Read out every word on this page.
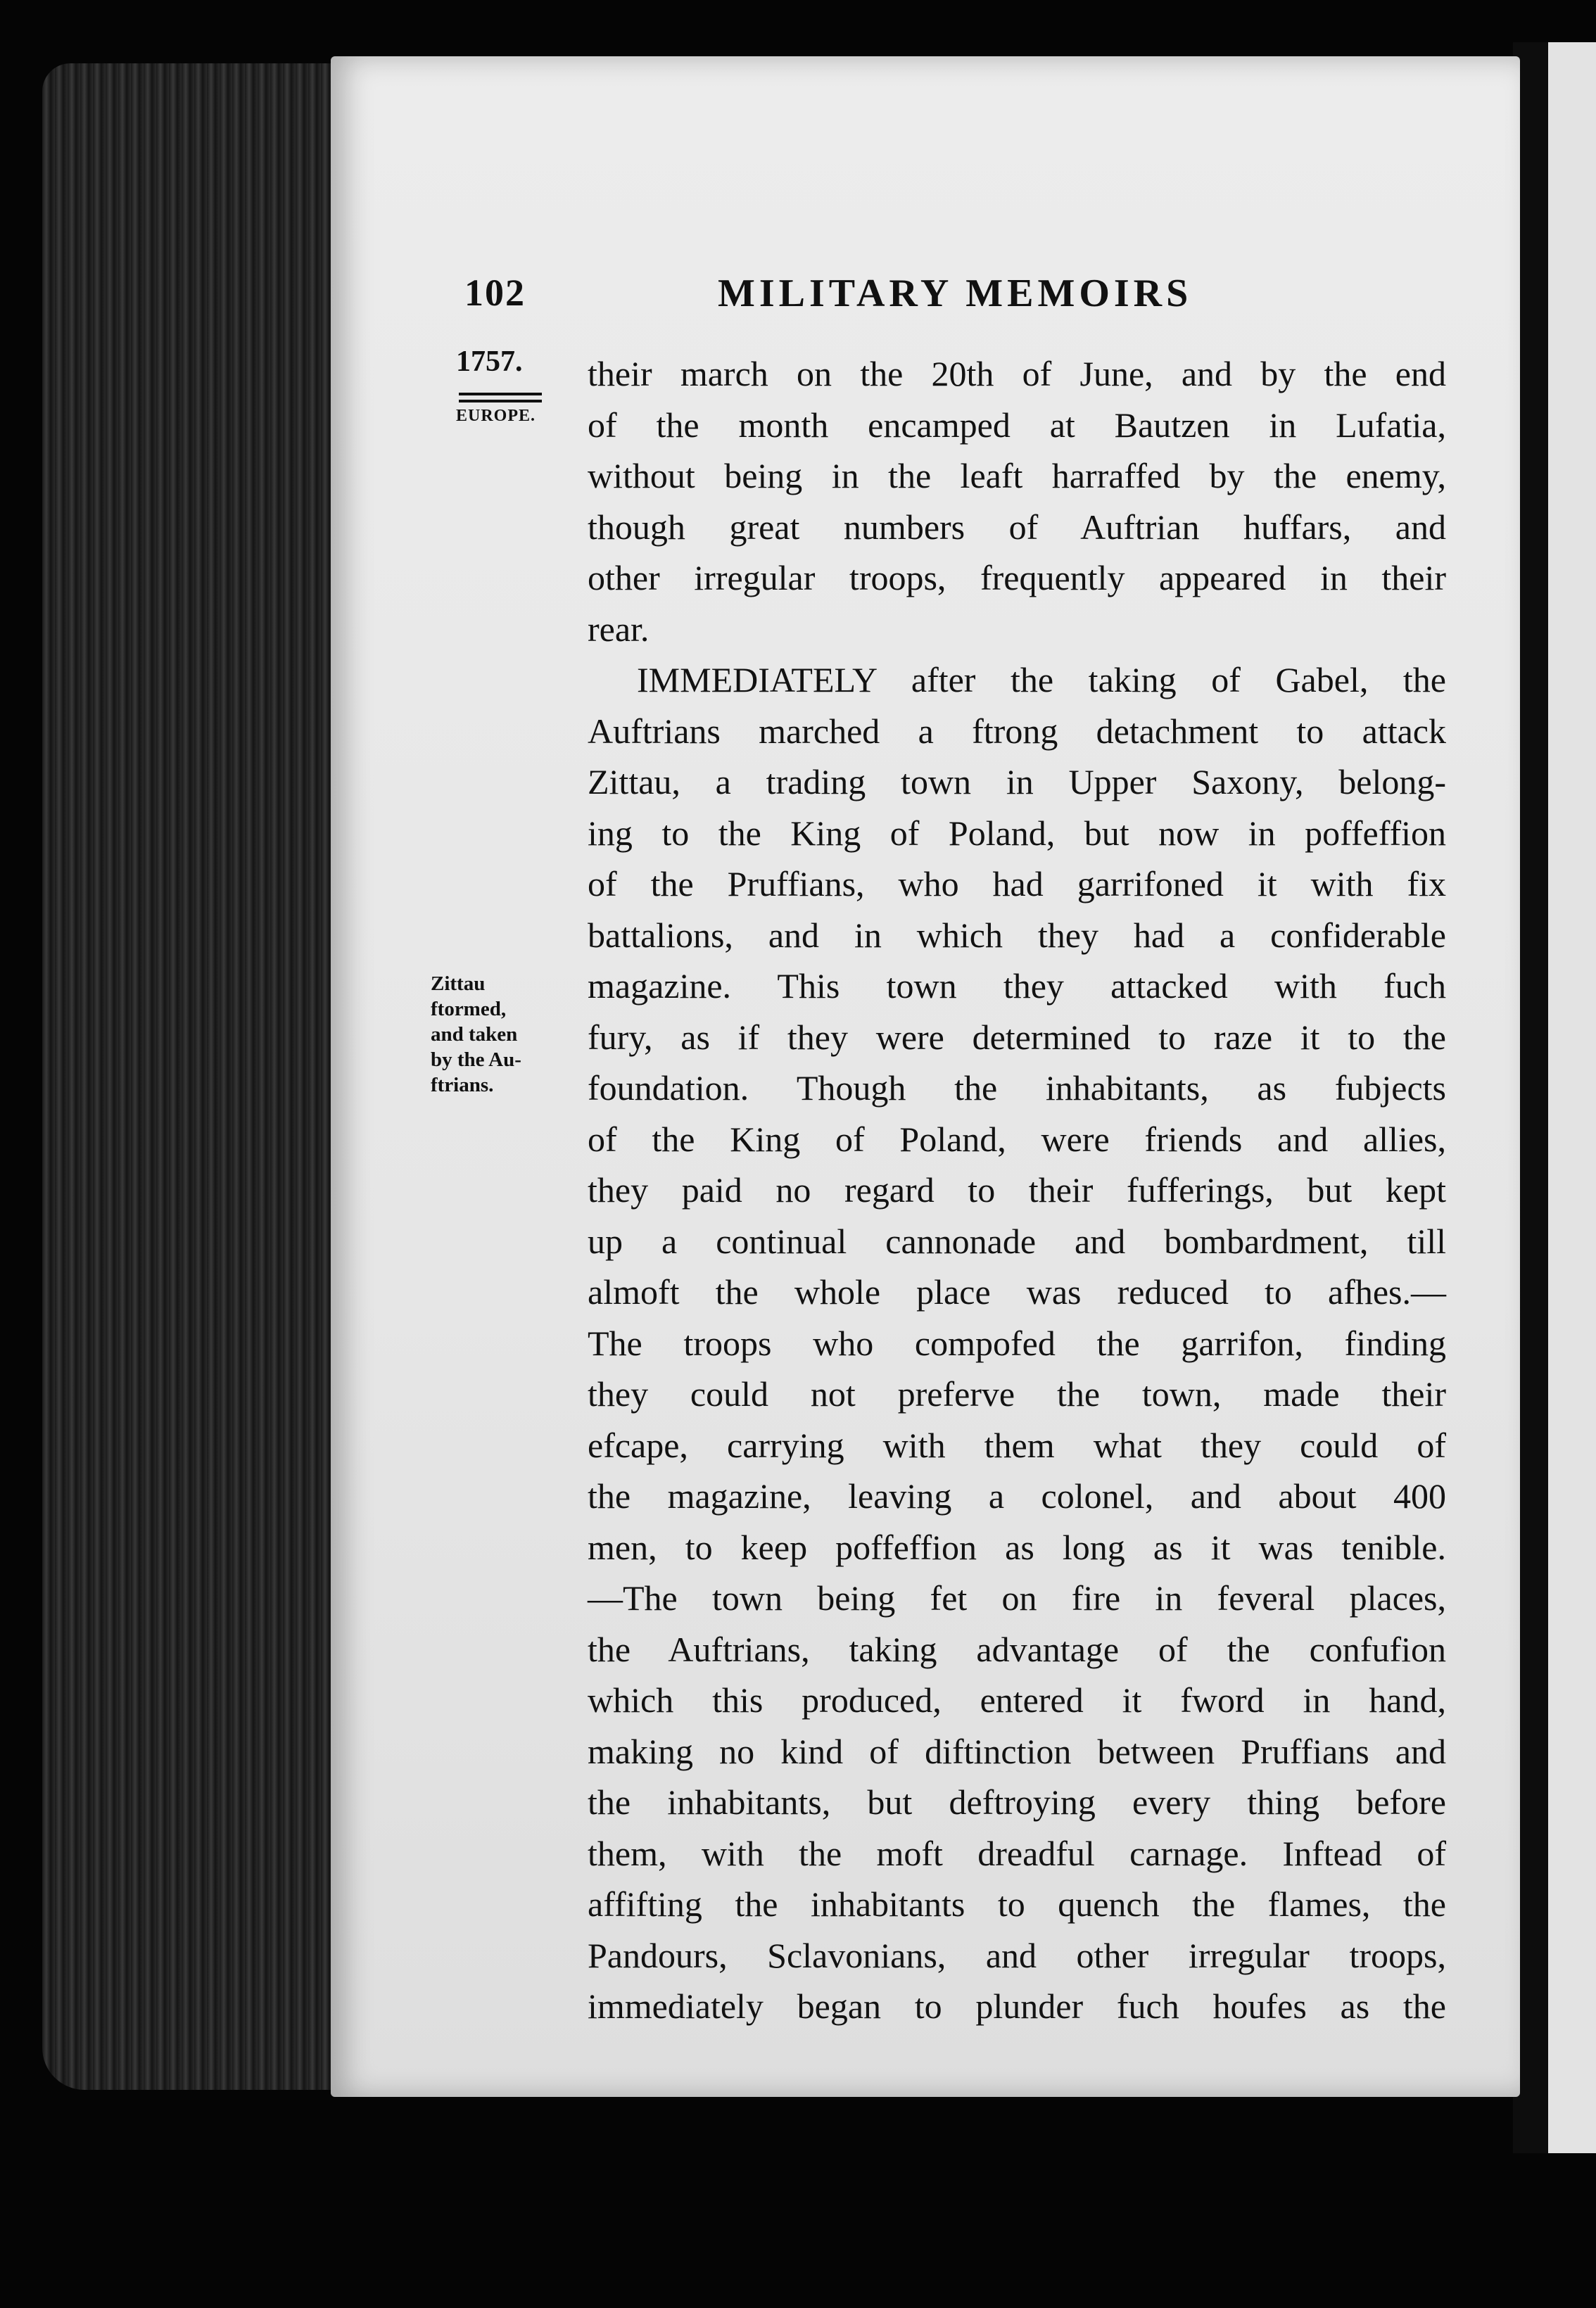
102	MILITARY MEMOIRS
1757.
EUROPE.
Zittau
ftormed,
and taken
by the Au-
ftrians.
their march on the 20th of June, and by the end
of the month encamped at Bautzen in Lufatia,
without being in the leaft harraffed by the enemy,
though great numbers of Auftrian huffars, and
other irregular troops, frequently appeared in their
rear.
IMMEDIATELY after the taking of Gabel, the
Auftrians marched a ftrong detachment to attack
Zittau, a trading town in Upper Saxony, belong-
ing to the King of Poland, but now in poffeffion
of the Pruffians, who had garrifoned it with fix
battalions, and in which they had a confiderable
magazine. This town they attacked with fuch
fury, as if they were determined to raze it to the
foundation. Though the inhabitants, as fubjects
of the King of Poland, were friends and allies,
they paid no regard to their fufferings, but kept
up a continual cannonade and bombardment, till
almoft the whole place was reduced to afhes.—
The troops who compofed the garrifon, finding
they could not preferve the town, made their
efcape, carrying with them what they could of
the magazine, leaving a colonel, and about 400
men, to keep poffeffion as long as it was tenible.
—The town being fet on fire in feveral places,
the Auftrians, taking advantage of the confufion
which this produced, entered it fword in hand,
making no kind of diftinction between Pruffians and
the inhabitants, but deftroying every thing before
them, with the moft dreadful carnage. Inftead of
affifting the inhabitants to quench the flames, the
Pandours, Sclavonians, and other irregular troops,
immediately began to plunder fuch houfes as the
